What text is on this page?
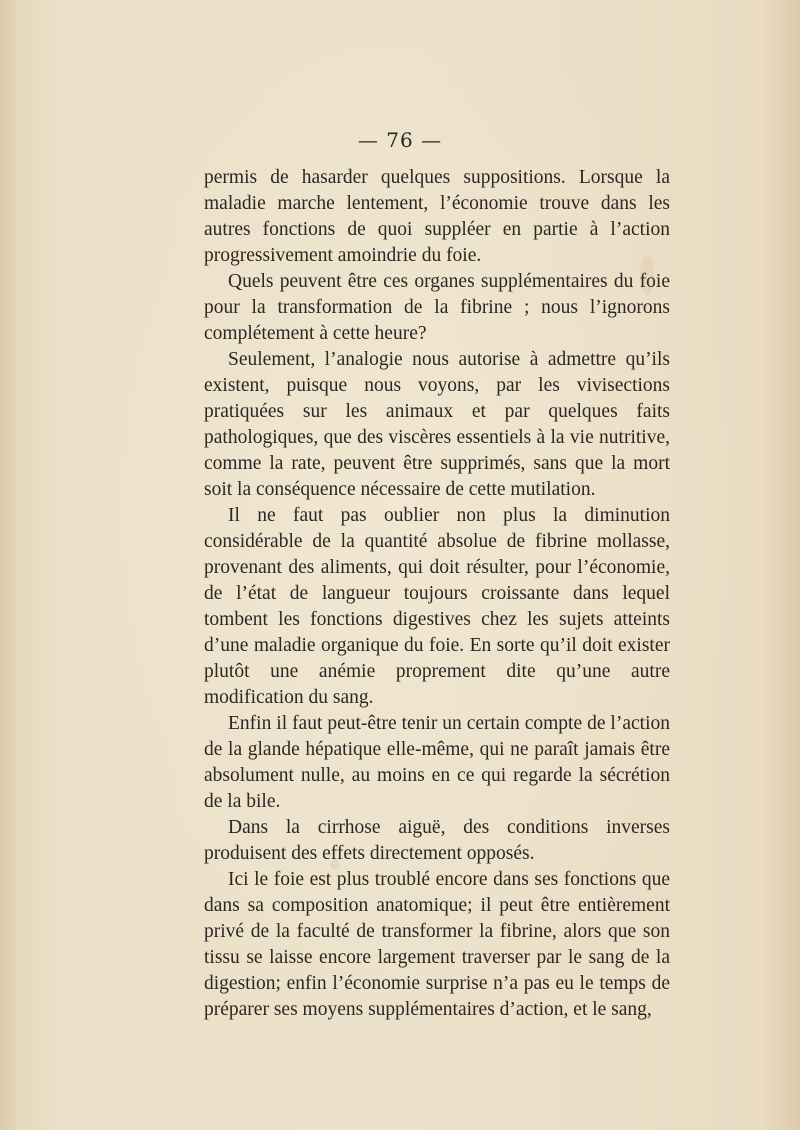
— 76 —

permis de hasarder quelques suppositions. Lorsque la maladie marche lentement, l’économie trouve dans les autres fonctions de quoi suppléer en partie à l’action progressivement amoindrie du foie.

Quels peuvent être ces organes supplémentaires du foie pour la transformation de la fibrine ; nous l’ignorons complétement à cette heure?

Seulement, l’analogie nous autorise à admettre qu’ils existent, puisque nous voyons, par les vivisections pratiquées sur les animaux et par quelques faits pathologiques, que des viscères essentiels à la vie nutritive, comme la rate, peuvent être supprimés, sans que la mort soit la conséquence nécessaire de cette mutilation.

Il ne faut pas oublier non plus la diminution considérable de la quantité absolue de fibrine mollasse, provenant des aliments, qui doit résulter, pour l’économie, de l’état de langueur toujours croissante dans lequel tombent les fonctions digestives chez les sujets atteints d’une maladie organique du foie. En sorte qu’il doit exister plutôt une anémie proprement dite qu’une autre modification du sang.

Enfin il faut peut-être tenir un certain compte de l’action de la glande hépatique elle-même, qui ne paraît jamais être absolument nulle, au moins en ce qui regarde la sécrétion de la bile.

Dans la cirrhose aiguë, des conditions inverses produisent des effets directement opposés.

Ici le foie est plus troublé encore dans ses fonctions que dans sa composition anatomique; il peut être entièrement privé de la faculté de transformer la fibrine, alors que son tissu se laisse encore largement traverser par le sang de la digestion; enfin l’économie surprise n’a pas eu le temps de préparer ses moyens supplémentaires d’action, et le sang,
